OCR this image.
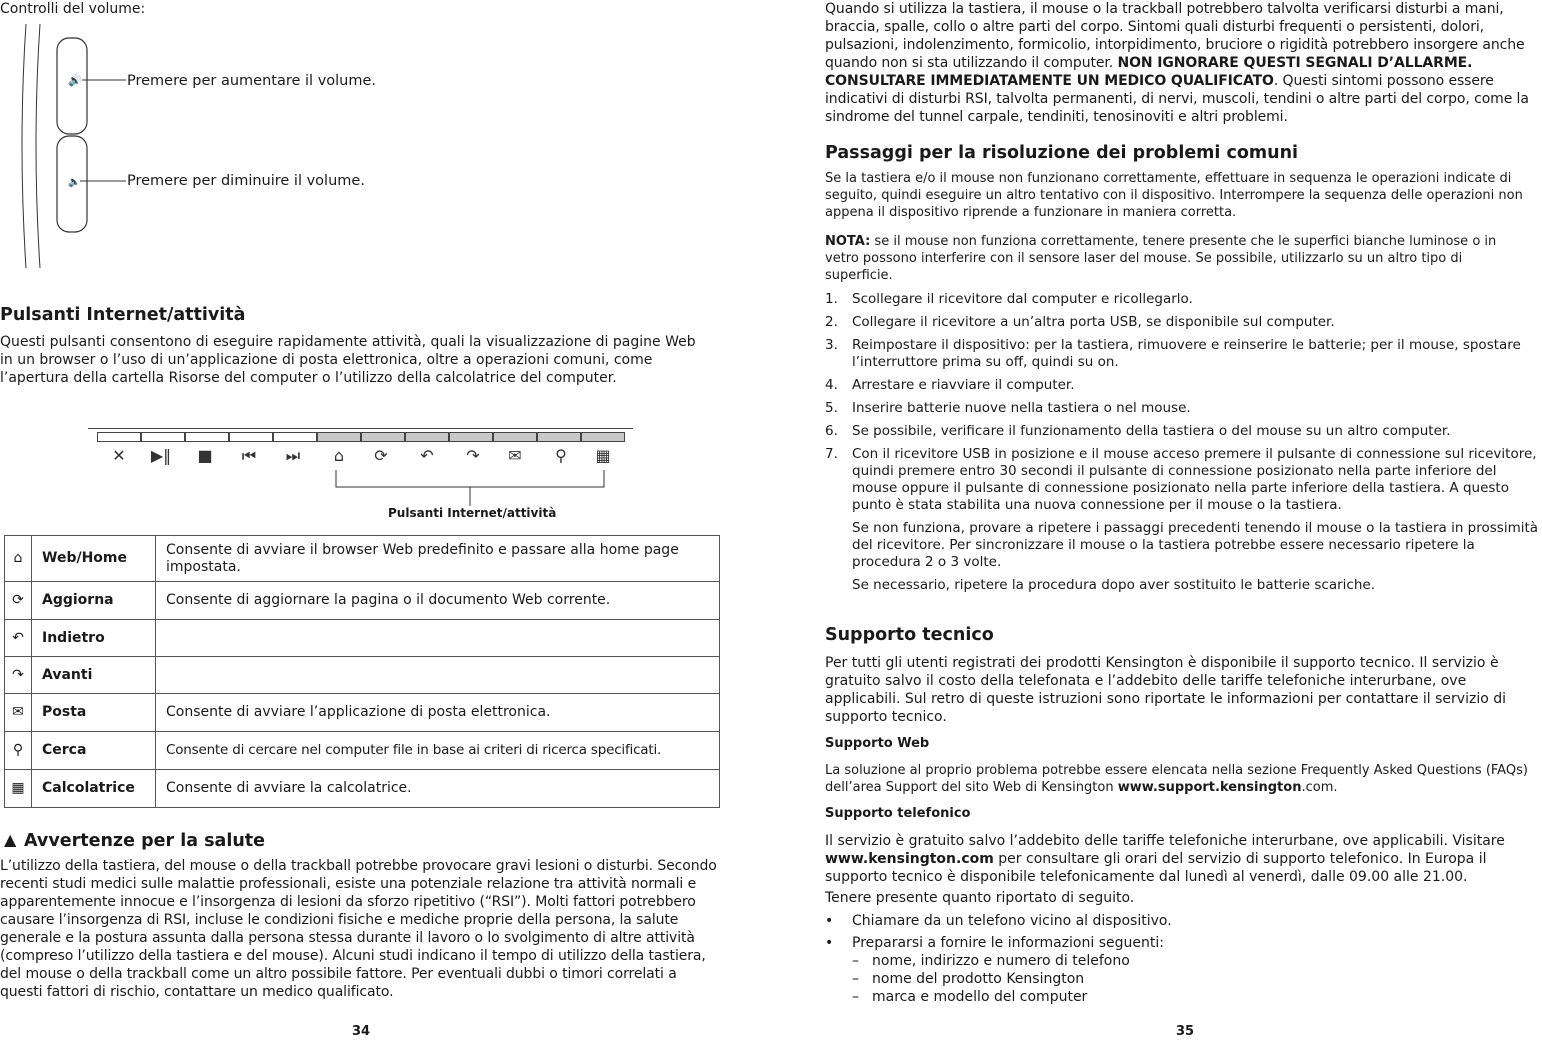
Controlli del volume:
🔊
🔈
Premere per aumentare il volume.
Premere per diminuire il volume.
Pulsanti Internet/attività

Questi pulsanti consentono di eseguire rapidamente attività, quali la visualizzazione di pagine Web in un browser o l’uso di un’applicazione di posta elettronica, oltre a operazioni comuni, come l’apertura della cartella Risorse del computer o l’utilizzo della calcolatrice del computer.

✕	▶‖	■	⏮	⏭	⌂	⟳	↶	↷	✉	⚲	▦
Pulsanti Internet/attività
⌂	Web/Home	Consente di avviare il browser Web predefinito e passare alla home page impostata.
⟳	Aggiorna	Consente di aggiornare la pagina o il documento Web corrente.
↶	Indietro	
↷	Avanti	
✉	Posta	Consente di avviare l’applicazione di posta elettronica.
⚲	Cerca	Consente di cercare nel computer file in base ai criteri di ricerca specificati.
▦	Calcolatrice	Consente di avviare la calcolatrice.
▲ Avvertenze per la salute

L’utilizzo della tastiera, del mouse o della trackball potrebbe provocare gravi lesioni o disturbi. Secondo recenti studi medici sulle malattie professionali, esiste una potenziale relazione tra attività normali e apparentemente innocue e l’insorgenza di lesioni da sforzo ripetitivo (“RSI”). Molti fattori potrebbero causare l’insorgenza di RSI, incluse le condizioni fisiche e mediche proprie della persona, la salute generale e la postura assunta dalla persona stessa durante il lavoro o lo svolgimento di altre attività (compreso l’utilizzo della tastiera e del mouse). Alcuni studi indicano il tempo di utilizzo della tastiera, del mouse o della trackball come un altro possibile fattore. Per eventuali dubbi o timori correlati a questi fattori di rischio, contattare un medico qualificato.

34

Quando si utilizza la tastiera, il mouse o la trackball potrebbero talvolta verificarsi disturbi a mani, braccia, spalle, collo o altre parti del corpo. Sintomi quali disturbi frequenti o persistenti, dolori, pulsazioni, indolenzimento, formicolio, intorpidimento, bruciore o rigidità potrebbero insorgere anche quando non si sta utilizzando il computer. NON IGNORARE QUESTI SEGNALI D’ALLARME. CONSULTARE IMMEDIATAMENTE UN MEDICO QUALIFICATO. Questi sintomi possono essere indicativi di disturbi RSI, talvolta permanenti, di nervi, muscoli, tendini o altre parti del corpo, come la sindrome del tunnel carpale, tendiniti, tenosinoviti e altri problemi.

Passaggi per la risoluzione dei problemi comuni

Se la tastiera e/o il mouse non funzionano correttamente, effettuare in sequenza le operazioni indicate di seguito, quindi eseguire un altro tentativo con il dispositivo. Interrompere la sequenza delle operazioni non appena il dispositivo riprende a funzionare in maniera corretta.

NOTA: se il mouse non funziona correttamente, tenere presente che le superfici bianche luminose o in vetro possono interferire con il sensore laser del mouse. Se possibile, utilizzarlo su un altro tipo di superficie.

1. Scollegare il ricevitore dal computer e ricollegarlo.
2. Collegare il ricevitore a un’altra porta USB, se disponibile sul computer.
3. Reimpostare il dispositivo: per la tastiera, rimuovere e reinserire le batterie; per il mouse, spostare l’interruttore prima su off, quindi su on.
4. Arrestare e riavviare il computer.
5. Inserire batterie nuove nella tastiera o nel mouse.
6. Se possibile, verificare il funzionamento della tastiera o del mouse su un altro computer.
7. Con il ricevitore USB in posizione e il mouse acceso premere il pulsante di connessione sul ricevitore, quindi premere entro 30 secondi il pulsante di connessione posizionato nella parte inferiore del mouse oppure il pulsante di connessione posizionato nella parte inferiore della tastiera. A questo punto è stata stabilita una nuova connessione per il mouse o la tastiera.
Se non funziona, provare a ripetere i passaggi precedenti tenendo il mouse o la tastiera in prossimità del ricevitore. Per sincronizzare il mouse o la tastiera potrebbe essere necessario ripetere la procedura 2 o 3 volte.
Se necessario, ripetere la procedura dopo aver sostituito le batterie scariche.
Supporto tecnico

Per tutti gli utenti registrati dei prodotti Kensington è disponibile il supporto tecnico. Il servizio è gratuito salvo il costo della telefonata e l’addebito delle tariffe telefoniche interurbane, ove applicabili. Sul retro di queste istruzioni sono riportate le informazioni per contattare il servizio di supporto tecnico.

Supporto Web

La soluzione al proprio problema potrebbe essere elencata nella sezione Frequently Asked Questions (FAQs) dell’area Support del sito Web di Kensington www.support.kensington.com.

Supporto telefonico

Il servizio è gratuito salvo l’addebito delle tariffe telefoniche interurbane, ove applicabili. Visitare www.kensington.com per consultare gli orari del servizio di supporto telefonico. In Europa il supporto tecnico è disponibile telefonicamente dal lunedì al venerdì, dalle 09.00 alle 21.00.

Tenere presente quanto riportato di seguito.

• Chiamare da un telefono vicino al dispositivo.
• Prepararsi a fornire le informazioni seguenti:
– nome, indirizzo e numero di telefono
– nome del prodotto Kensington
– marca e modello del computer
35
